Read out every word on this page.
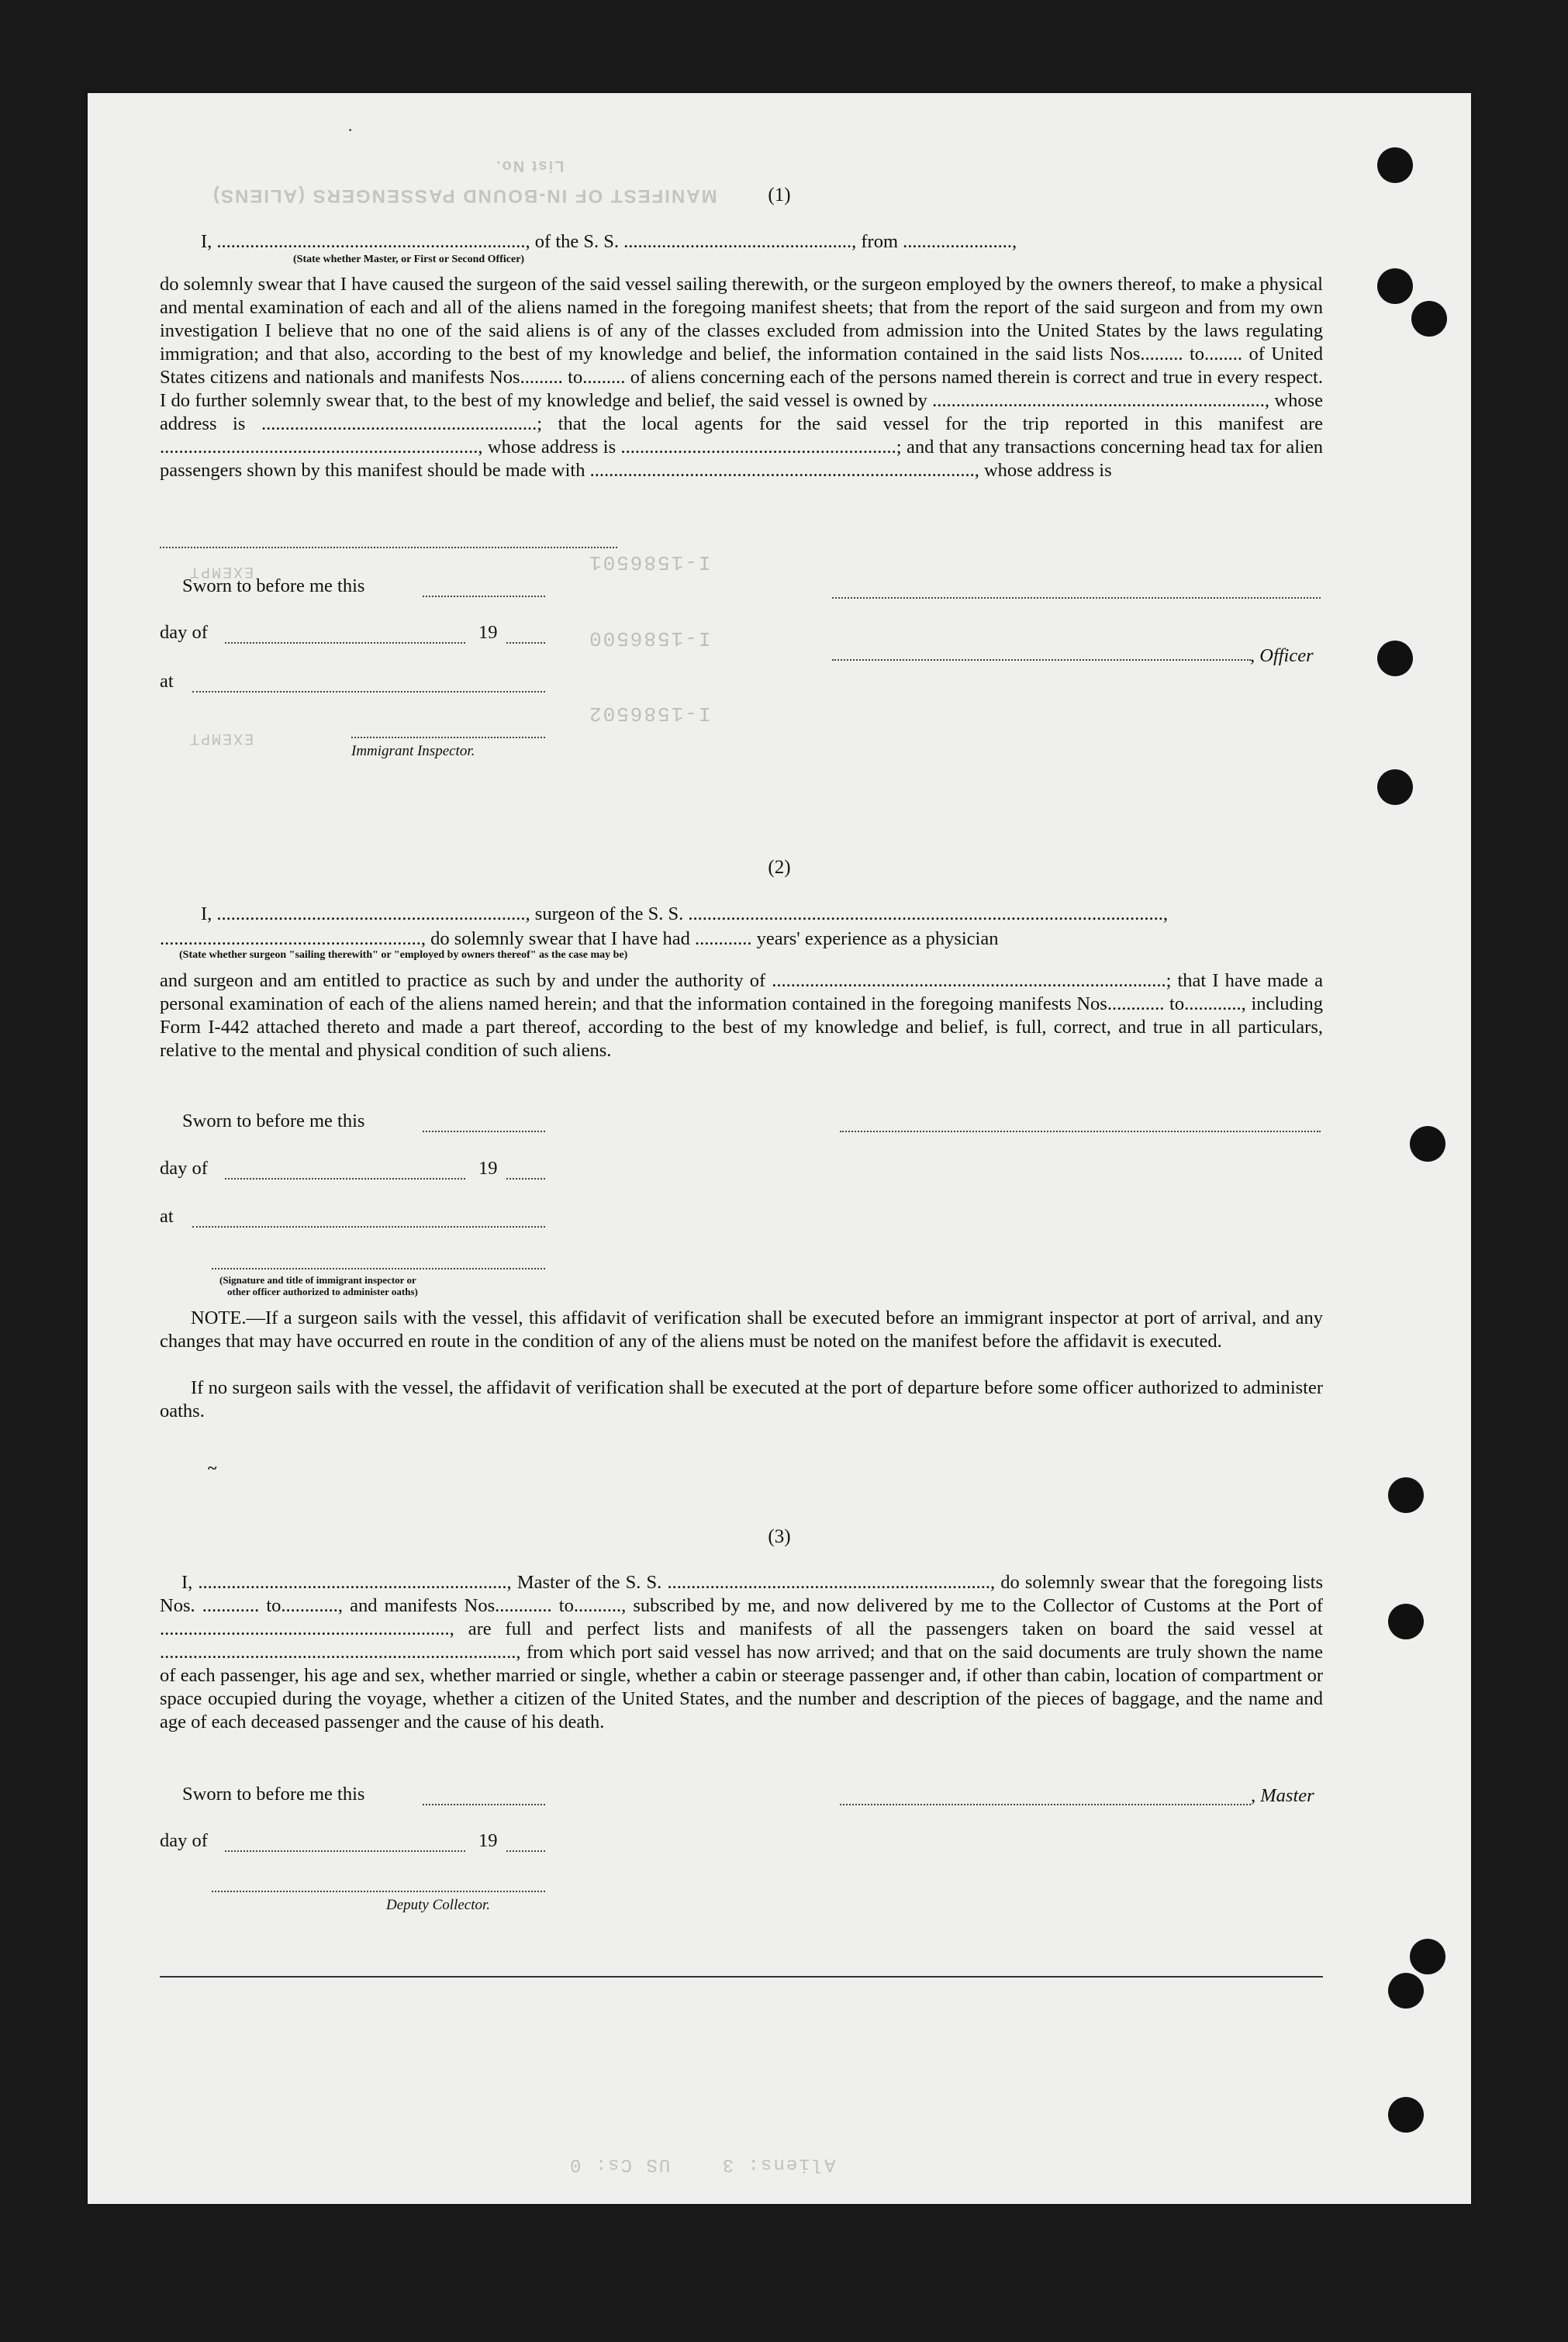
MANIFEST OF IN-BOUND PASSENGERS (ALIENS)
List No.
I-1586501
I-1586500
I-1586502
EXEMPT
EXEMPT
Aliens: 3    US Cs: 0
(1)
I, ................................................................., of the S. S. ................................................, from .......................,
(State whether Master, or First or Second Officer)

do solemnly swear that I have caused the surgeon of the said vessel sailing therewith, or the surgeon employed by the owners thereof, to make a physical and mental examination of each and all of the aliens named in the foregoing manifest sheets; that from the report of the said surgeon and from my own investigation I believe that no one of the said aliens is of any of the classes excluded from admission into the United States by the laws regulating immigration; and that also, according to the best of my knowledge and belief, the information contained in the said lists Nos......... to........ of United States citizens and nationals and manifests Nos......... to......... of aliens concerning each of the persons named therein is correct and true in every respect. I do further solemnly swear that, to the best of my knowledge and belief, the said vessel is owned by ......................................................................, whose address is ..........................................................; that the local agents for the said vessel for the trip reported in this manifest are ..................................................................., whose address is ..........................................................; and that any transactions concerning head tax for alien passengers shown by this manifest should be made with ................................................................................., whose address is

Sworn to before me this
day of	19
, Officer
at
Immigrant Inspector.
(2)
I, ................................................................., surgeon of the S. S. ....................................................................................................,
......................................................., do solemnly swear that I have had ............ years' experience as a physician
(State whether surgeon "sailing therewith" or "employed by owners thereof" as the case may be)

and surgeon and am entitled to practice as such by and under the authority of ...................................................................................; that I have made a personal examination of each of the aliens named herein; and that the information contained in the foregoing manifests Nos............ to............, including Form I-442 attached thereto and made a part thereof, according to the best of my knowledge and belief, is full, correct, and true in all particulars, relative to the mental and physical condition of such aliens.

Sworn to before me this
day of	19
at
(Signature and title of immigrant inspector or
other officer authorized to administer oaths)

NOTE.—If a surgeon sails with the vessel, this affidavit of verification shall be executed before an immigrant inspector at port of arrival, and any changes that may have occurred en route in the condition of any of the aliens must be noted on the manifest before the affidavit is executed.

If no surgeon sails with the vessel, the affidavit of verification shall be executed at the port of departure before some officer authorized to administer oaths.

(3)

I, ................................................................., Master of the S. S. ...................................................................., do solemnly swear that the foregoing lists Nos. ............ to............, and manifests Nos............ to.........., subscribed by me, and now delivered by me to the Collector of Customs at the Port of ............................................................., are full and perfect lists and manifests of all the passengers taken on board the said vessel at ..........................................................................., from which port said vessel has now arrived; and that on the said documents are truly shown the name of each passenger, his age and sex, whether married or single, whether a cabin or steerage passenger and, if other than cabin, location of compartment or space occupied during the voyage, whether a citizen of the United States, and the number and description of the pieces of baggage, and the name and age of each deceased passenger and the cause of his death.

Sworn to before me this	, Master
day of	19
Deputy Collector.
·
~
